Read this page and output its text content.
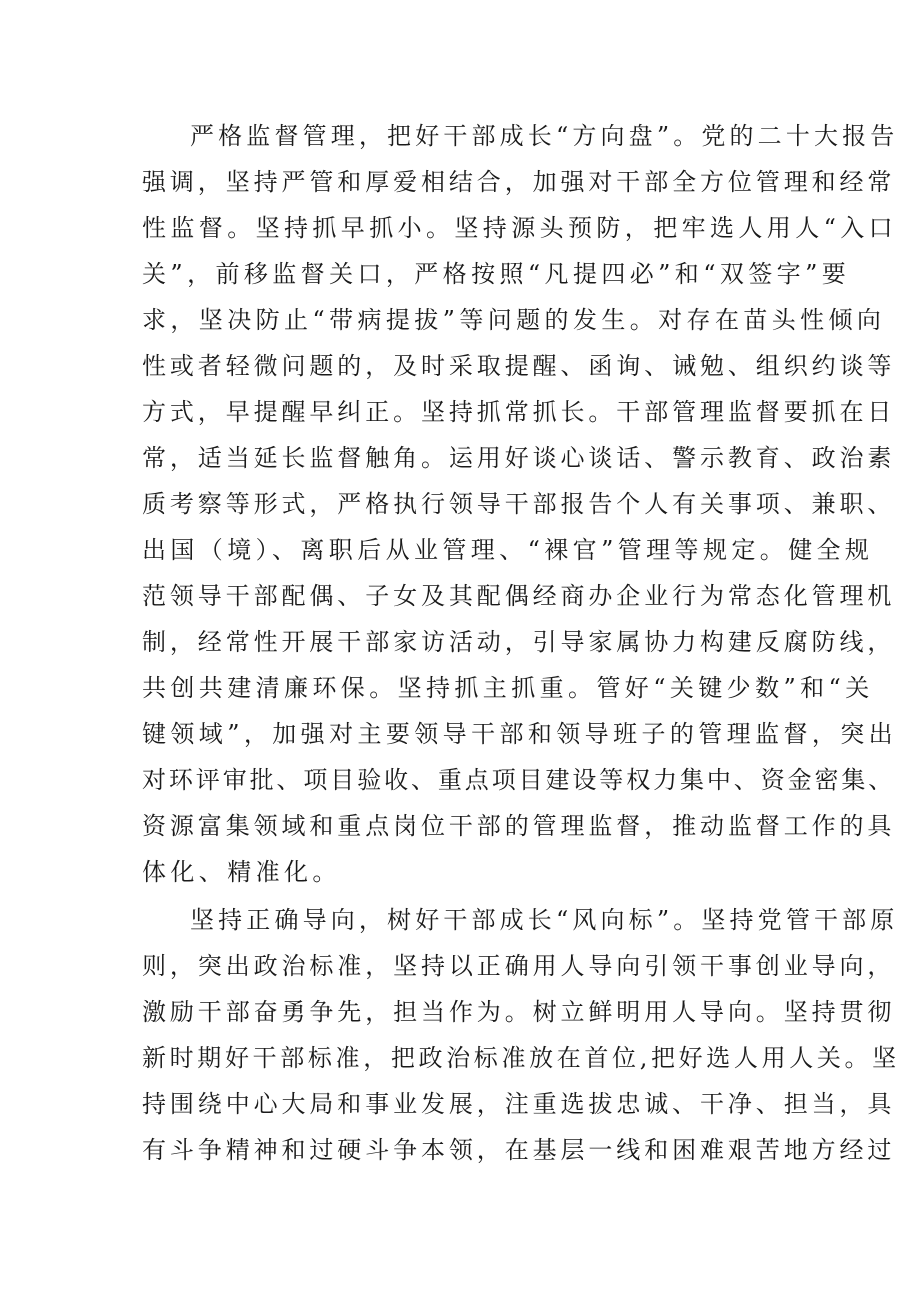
严格监督管理，把好干部成长“方向盘”。党的二十大报告
强调，坚持严管和厚爱相结合，加强对干部全方位管理和经常
性监督。坚持抓早抓小。坚持源头预防，把牢选人用人“入口
关”，前移监督关口，严格按照“凡提四必”和“双签字”要
求，坚决防止“带病提拔”等问题的发生。对存在苗头性倾向
性或者轻微问题的，及时采取提醒、函询、诫勉、组织约谈等
方式，早提醒早纠正。坚持抓常抓长。干部管理监督要抓在日
常，适当延长监督触角。运用好谈心谈话、警示教育、政治素
质考察等形式，严格执行领导干部报告个人有关事项、兼职、
出国（境）、离职后从业管理、“裸官”管理等规定。健全规
范领导干部配偶、子女及其配偶经商办企业行为常态化管理机
制，经常性开展干部家访活动，引导家属协力构建反腐防线，
共创共建清廉环保。坚持抓主抓重。管好“关键少数”和“关
键领域”，加强对主要领导干部和领导班子的管理监督，突出
对环评审批、项目验收、重点项目建设等权力集中、资金密集、
资源富集领域和重点岗位干部的管理监督，推动监督工作的具
体化、精准化。
坚持正确导向，树好干部成长“风向标”。坚持党管干部原
则，突出政治标准，坚持以正确用人导向引领干事创业导向，
激励干部奋勇争先，担当作为。树立鲜明用人导向。坚持贯彻
新时期好干部标准，把政治标准放在首位,把好选人用人关。坚
持围绕中心大局和事业发展，注重选拔忠诚、干净、担当，具
有斗争精神和过硬斗争本领，在基层一线和困难艰苦地方经过
